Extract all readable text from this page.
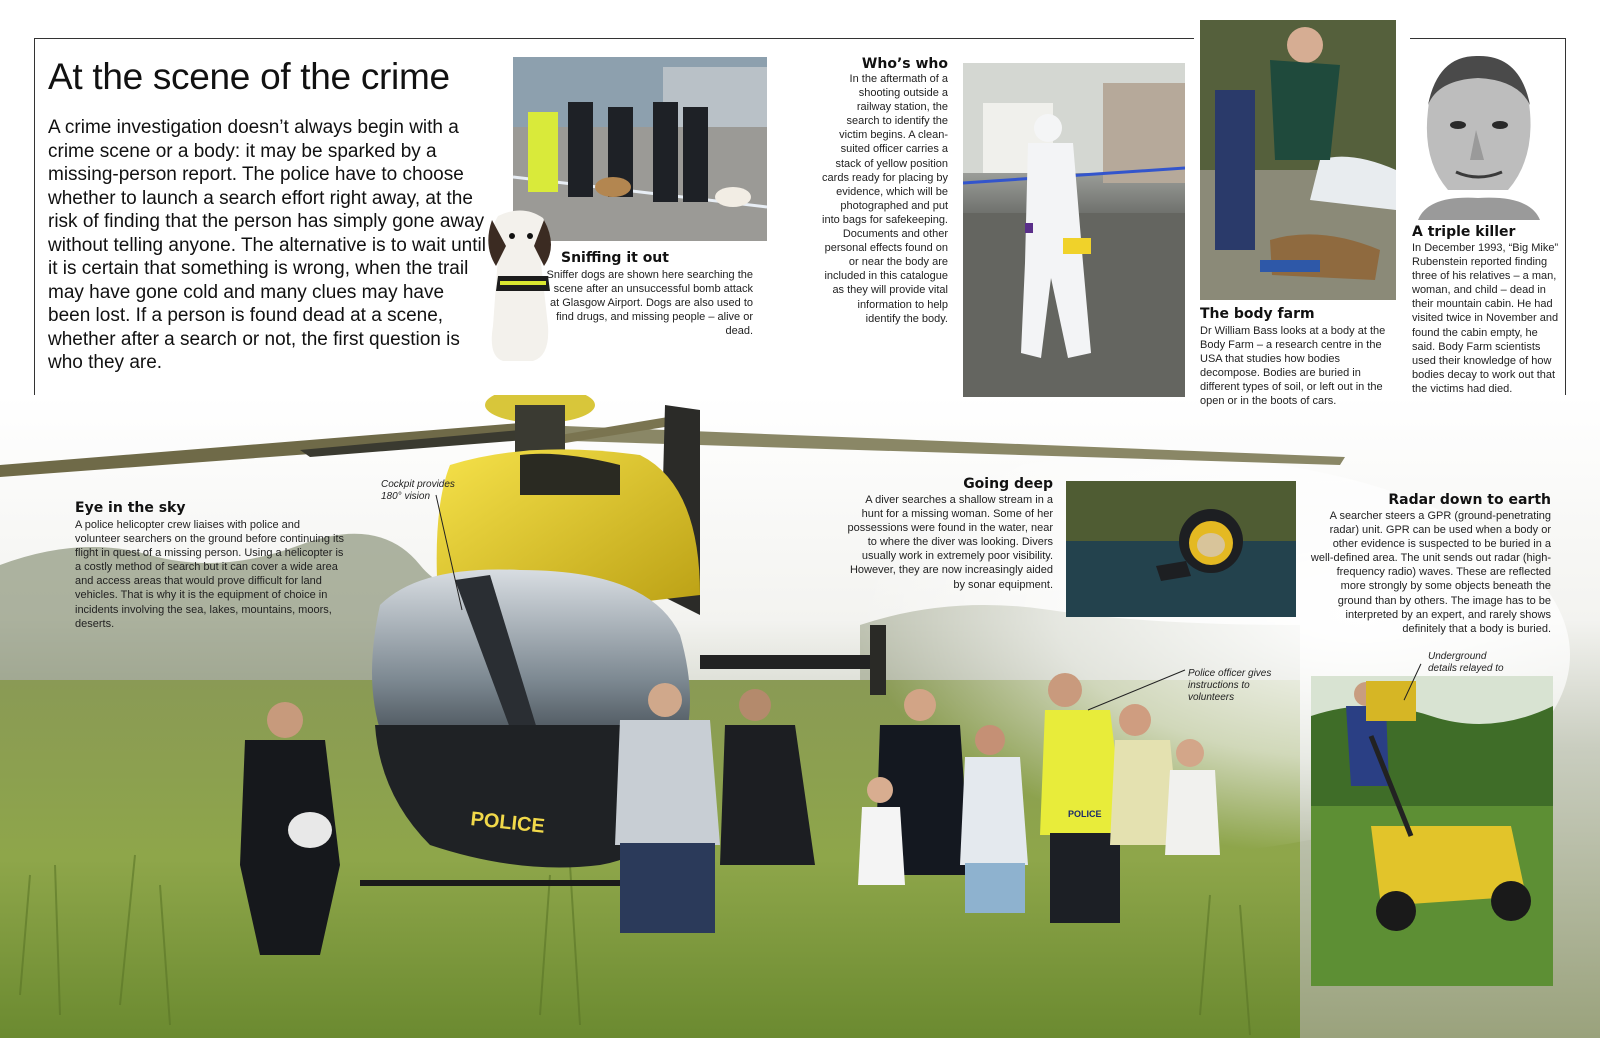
At the scene of the crime

A crime investigation doesn’t always begin with a crime scene or a body: it may be sparked by a missing-person report. The police have to choose whether to launch a search effort right away, at the risk of finding that the person has simply gone away without telling anyone. The alternative is to wait until it is certain that something is wrong, when the trail may have gone cold and many clues may have been lost. If a person is found dead at a scene, whether after a search or not, the first question is who they are.

POLICE	POLICE
Sniffing it out
Sniffer dogs are shown here searching the scene after an unsuccessful bomb attack at Glasgow Airport. Dogs are also used to find drugs, and missing people – alive or dead.
Who’s who
In the aftermath of a shooting outside a railway station, the search to identify the victim begins. A clean-suited officer carries a stack of yellow position cards ready for placing by evidence, which will be photographed and put into bags for safekeeping. Documents and other personal effects found on or near the body are included in this catalogue as they will provide vital information to help identify the body.	The body farm
Dr William Bass looks at a body at the Body Farm – a research centre in the USA that studies how bodies decompose. Bodies are buried in different types of soil, or left out in the open or in the boots of cars.
A triple killer
In December 1993, “Big Mike” Rubenstein reported finding three of his relatives – a man, woman, and child – dead in their mountain cabin. He had visited twice in November and found the cabin empty, he said. Body Farm scientists used their knowledge of how bodies decay to work out that the victims had died.
Eye in the sky
A police helicopter crew liaises with police and volunteer searchers on the ground before continuing its flight in quest of a missing person. Using a helicopter is a costly method of search but it can cover a wide area and access areas that would prove difficult for land vehicles. That is why it is the equipment of choice in incidents involving the sea, lakes, mountains, moors, deserts.
Going deep
A diver searches a shallow stream in a hunt for a missing woman. Some of her possessions were found in the water, near to where the diver was looking. Divers usually work in extremely poor visibility. However, they are now increasingly aided by sonar equipment.
Radar down to earth
A searcher steers a GPR (ground-penetrating radar) unit. GPR can be used when a body or other evidence is suspected to be buried in a well-defined area. The unit sends out radar (high-frequency radio) waves. These are reflected more strongly by some objects beneath the ground than by others. The image has to be interpreted by an expert, and rarely shows definitely that a body is buried.
Cockpit provides 180° vision
Police officer gives instructions to volunteers
Underground details relayed to
